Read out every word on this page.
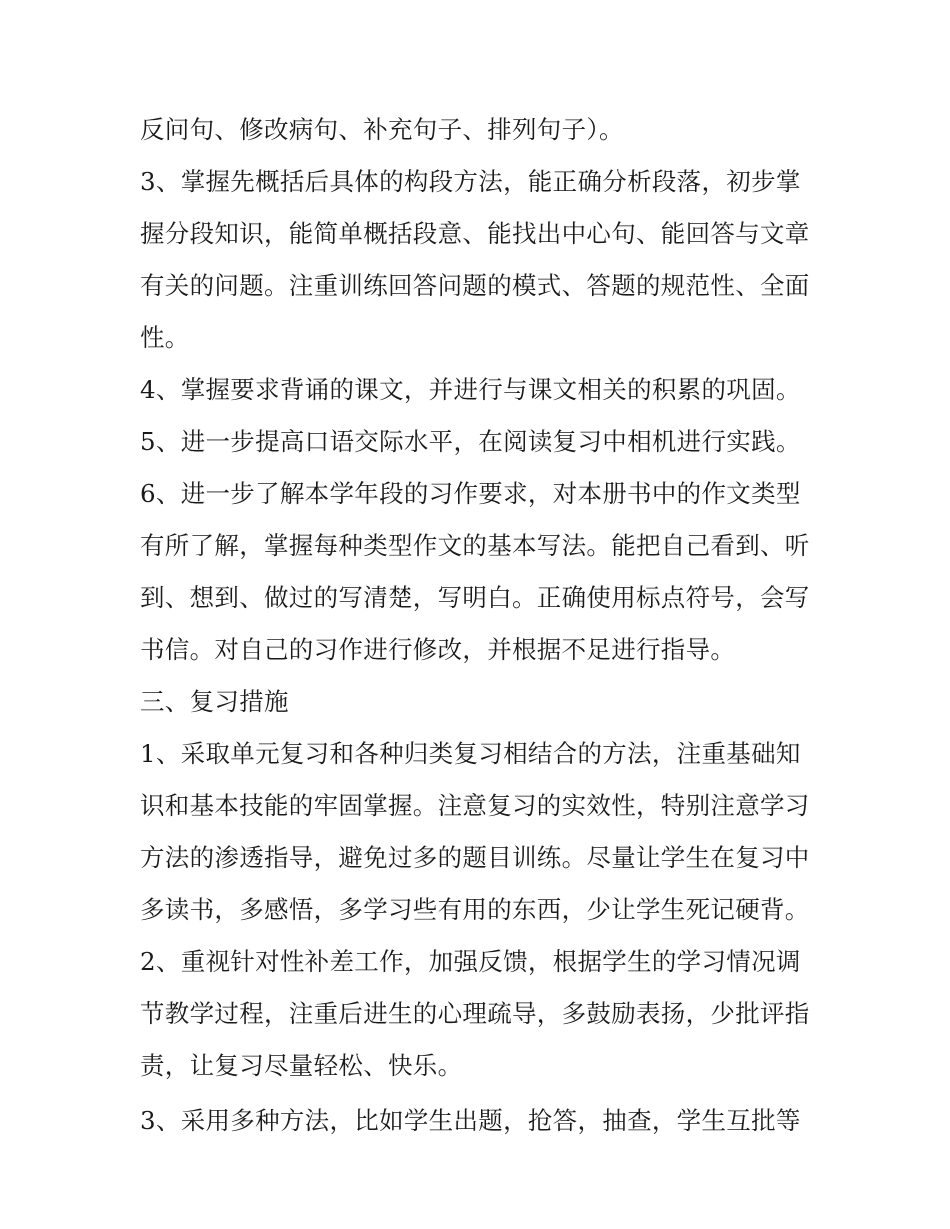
反问句、修改病句、补充句子、排列句子）。
3、掌握先概括后具体的构段方法，能正确分析段落，初步掌
握分段知识，能简单概括段意、能找出中心句、能回答与文章
有关的问题。注重训练回答问题的模式、答题的规范性、全面
性。
4、掌握要求背诵的课文，并进行与课文相关的积累的巩固。
5、进一步提高口语交际水平，在阅读复习中相机进行实践。
6、进一步了解本学年段的习作要求，对本册书中的作文类型
有所了解，掌握每种类型作文的基本写法。能把自己看到、听
到、想到、做过的写清楚，写明白。正确使用标点符号，会写
书信。对自己的习作进行修改，并根据不足进行指导。
三、复习措施
1、采取单元复习和各种归类复习相结合的方法，注重基础知
识和基本技能的牢固掌握。注意复习的实效性，特别注意学习
方法的渗透指导，避免过多的题目训练。尽量让学生在复习中
多读书，多感悟，多学习些有用的东西，少让学生死记硬背。
2、重视针对性补差工作，加强反馈，根据学生的学习情况调
节教学过程，注重后进生的心理疏导，多鼓励表扬，少批评指
责，让复习尽量轻松、快乐。
3、采用多种方法，比如学生出题，抢答，抽查，学生互批等
